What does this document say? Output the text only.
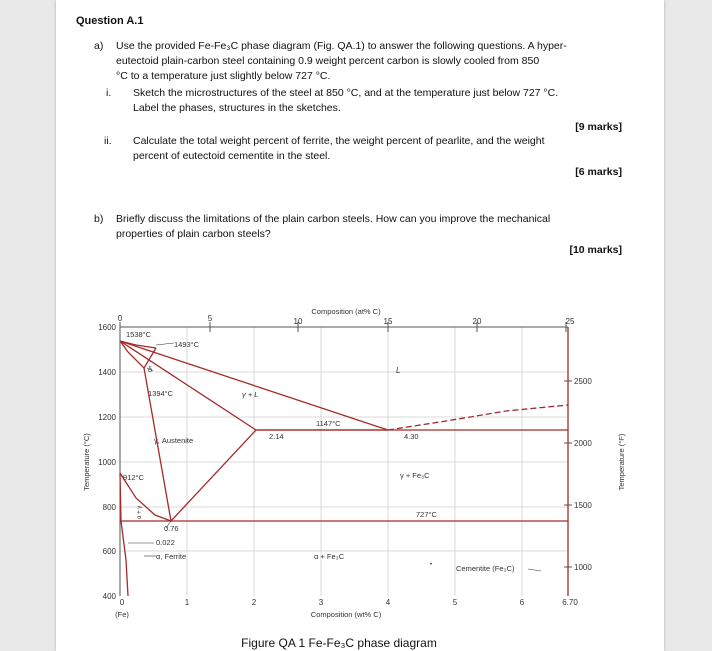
Question A.1
a) Use the provided Fe-Fe₃C phase diagram (Fig. QA.1) to answer the following questions. A hyper-
eutectoid plain-carbon steel containing 0.9 weight percent carbon is slowly cooled from 850
°C to a temperature just slightly below 727 °C.
i. Sketch the microstructures of the steel at 850 °C, and at the temperature just below 727 °C.
Label the phases, structures in the sketches.
[9 marks]
ii. Calculate the total weight percent of ferrite, the weight percent of pearlite, and the weight
percent of eutectoid cementite in the steel.
[6 marks]
b) Briefly discuss the limitations of the plain carbon steels. How can you improve the mechanical
properties of plain carbon steels?
[10 marks]
Composition (at% C)
Composition (wt% C)
Temperature (°C)	Temperature (°F)
0	5	10	15	20	25
1600
1400
1200
1000
800
600
400
2500
2000
1500
1000
0	1	2	3	4	5	6	6.70
(Fe)
1538°C
1493°C
δ	L
1394°C	γ + L
1147°C
γ, Austenite	2.14	4.30
γ + Fe₃C
912°C
727°C
α + γ
0.76
0.022
α, Ferrite	α + Fe₃C
Cementite (Fe₃C)
•
Figure QA 1 Fe-Fe₃C phase diagram
